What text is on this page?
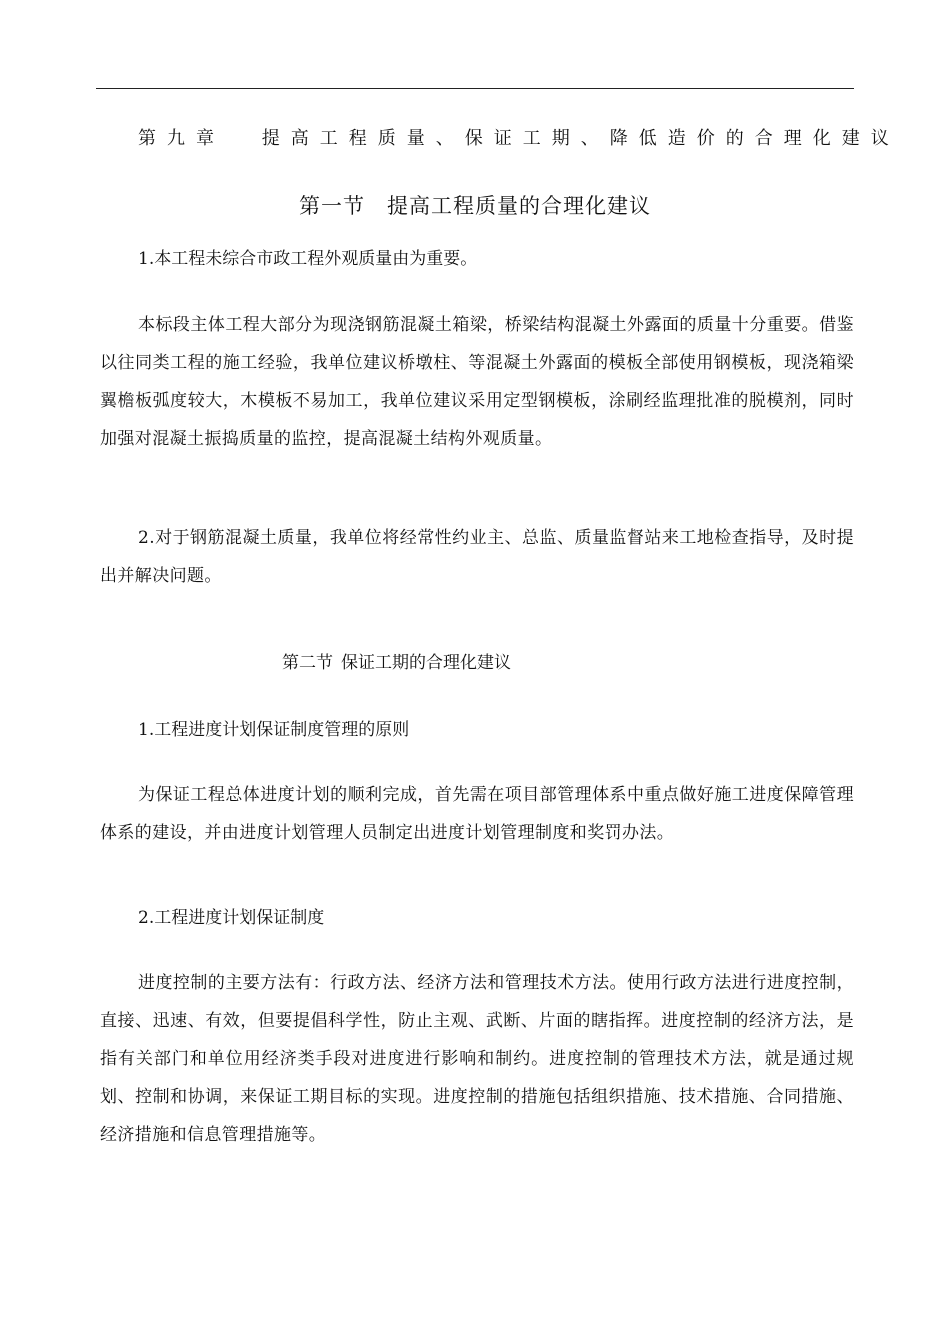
第九章 提高工程质量、保证工期、降低造价的合理化建议
第一节 提高工程质量的合理化建议
1.本工程未综合市政工程外观质量由为重要。
本标段主体工程大部分为现浇钢筋混凝土箱梁，桥梁结构混凝土外露面的质量十分重要。借鉴以往同类工程的施工经验，我单位建议桥墩柱、等混凝土外露面的模板全部使用钢模板，现浇箱梁翼檐板弧度较大，木模板不易加工，我单位建议采用定型钢模板，涂刷经监理批准的脱模剂，同时加强对混凝土振捣质量的监控，提高混凝土结构外观质量。
2.对于钢筋混凝土质量，我单位将经常性约业主、总监、质量监督站来工地检查指导，及时提出并解决问题。
第二节 保证工期的合理化建议
1.工程进度计划保证制度管理的原则
为保证工程总体进度计划的顺利完成，首先需在项目部管理体系中重点做好施工进度保障管理体系的建设，并由进度计划管理人员制定出进度计划管理制度和奖罚办法。
2.工程进度计划保证制度
进度控制的主要方法有：行政方法、经济方法和管理技术方法。使用行政方法进行进度控制，直接、迅速、有效，但要提倡科学性，防止主观、武断、片面的瞎指挥。进度控制的经济方法，是指有关部门和单位用经济类手段对进度进行影响和制约。进度控制的管理技术方法，就是通过规划、控制和协调，来保证工期目标的实现。进度控制的措施包括组织措施、技术措施、合同措施、经济措施和信息管理措施等。
